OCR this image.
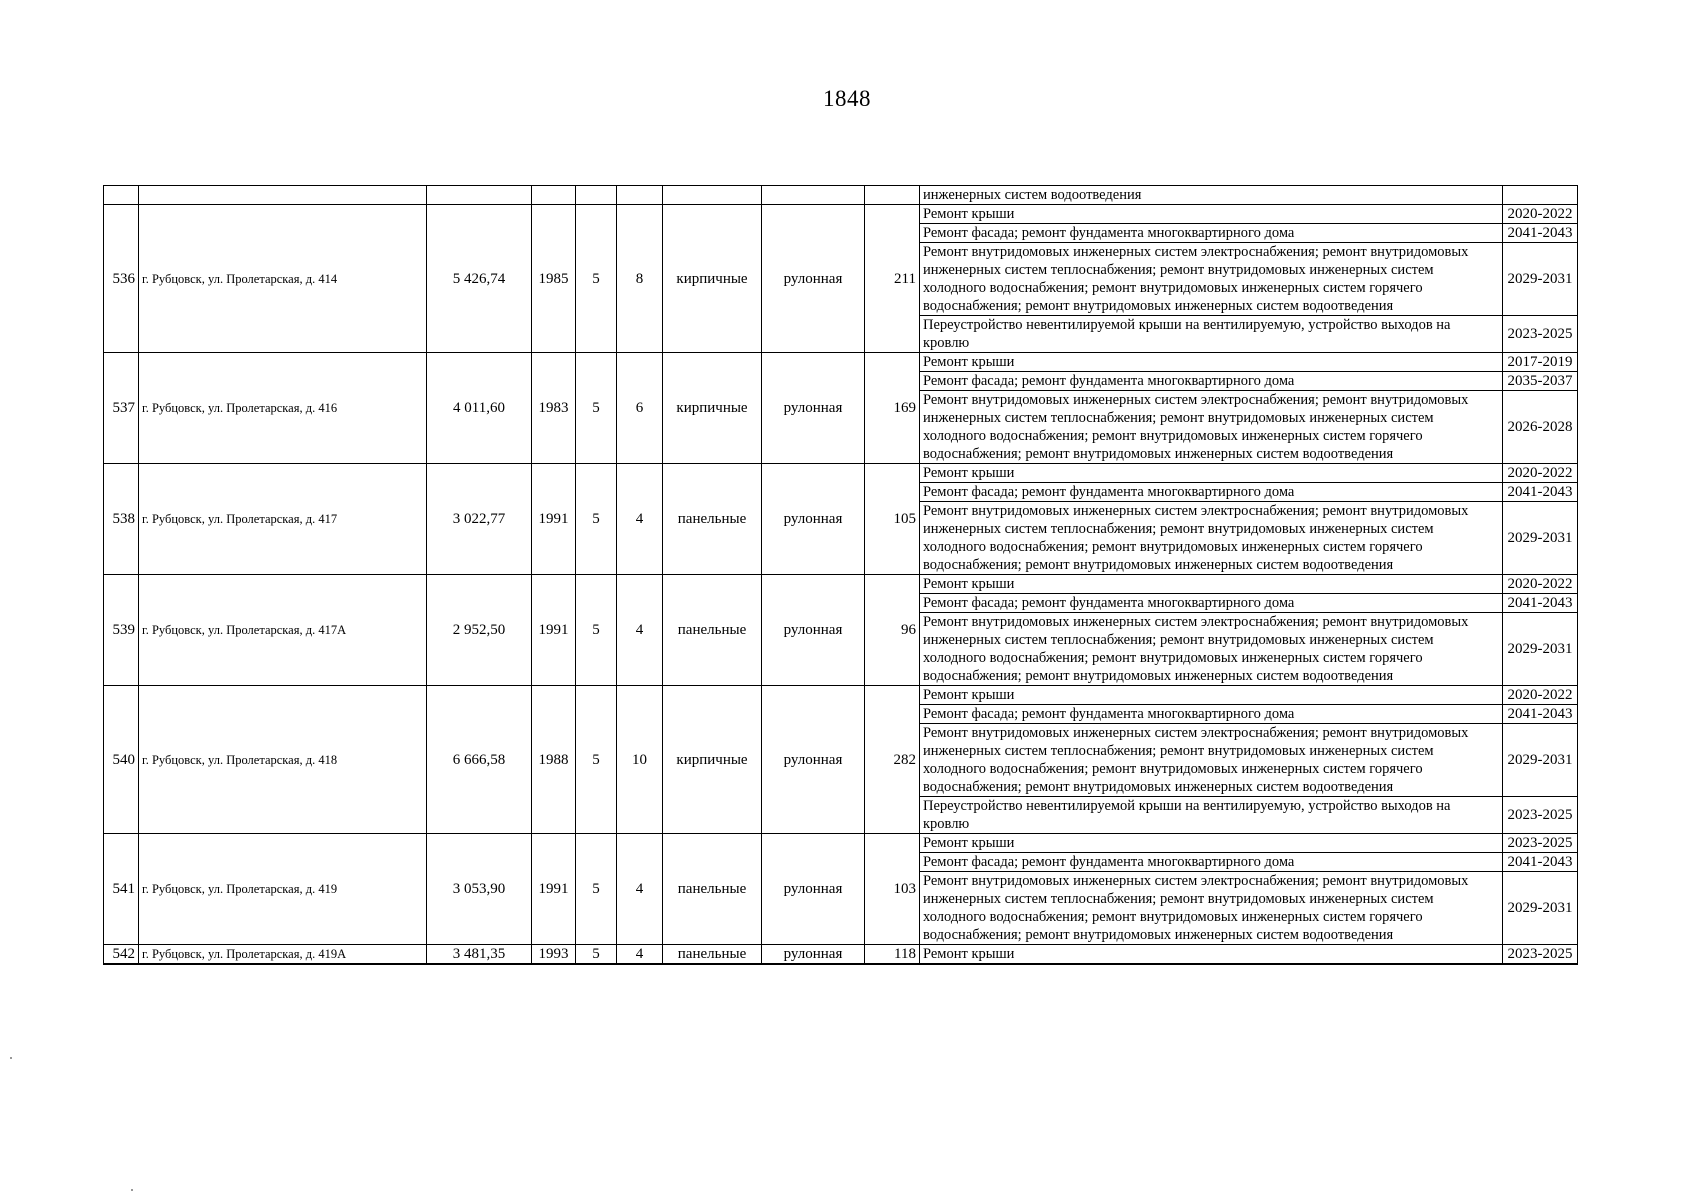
1848
									инженерных систем водоотведения	
536	г. Рубцовск, ул. Пролетарская, д. 414	5 426,74	1985	5	8	кирпичные	рулонная	211	Ремонт крыши	2020-2022
									Ремонт фасада; ремонт фундамента многоквартирного дома	2041-2043
									Ремонт внутридомовых инженерных систем электроснабжения; ремонт внутридомовых инженерных систем теплоснабжения; ремонт внутридомовых инженерных систем холодного водоснабжения; ремонт внутридомовых инженерных систем горячего водоснабжения; ремонт внутридомовых инженерных систем водоотведения	2029-2031
									Переустройство невентилируемой крыши на вентилируемую, устройство выходов на кровлю	2023-2025
537	г. Рубцовск, ул. Пролетарская, д. 416	4 011,60	1983	5	6	кирпичные	рулонная	169	Ремонт крыши	2017-2019
									Ремонт фасада; ремонт фундамента многоквартирного дома	2035-2037
									Ремонт внутридомовых инженерных систем электроснабжения; ремонт внутридомовых инженерных систем теплоснабжения; ремонт внутридомовых инженерных систем холодного водоснабжения; ремонт внутридомовых инженерных систем горячего водоснабжения; ремонт внутридомовых инженерных систем водоотведения	2026-2028
538	г. Рубцовск, ул. Пролетарская, д. 417	3 022,77	1991	5	4	панельные	рулонная	105	Ремонт крыши	2020-2022
									Ремонт фасада; ремонт фундамента многоквартирного дома	2041-2043
									Ремонт внутридомовых инженерных систем электроснабжения; ремонт внутридомовых инженерных систем теплоснабжения; ремонт внутридомовых инженерных систем холодного водоснабжения; ремонт внутридомовых инженерных систем горячего водоснабжения; ремонт внутридомовых инженерных систем водоотведения	2029-2031
539	г. Рубцовск, ул. Пролетарская, д. 417А	2 952,50	1991	5	4	панельные	рулонная	96	Ремонт крыши	2020-2022
									Ремонт фасада; ремонт фундамента многоквартирного дома	2041-2043
									Ремонт внутридомовых инженерных систем электроснабжения; ремонт внутридомовых инженерных систем теплоснабжения; ремонт внутридомовых инженерных систем холодного водоснабжения; ремонт внутридомовых инженерных систем горячего водоснабжения; ремонт внутридомовых инженерных систем водоотведения	2029-2031
540	г. Рубцовск, ул. Пролетарская, д. 418	6 666,58	1988	5	10	кирпичные	рулонная	282	Ремонт крыши	2020-2022
									Ремонт фасада; ремонт фундамента многоквартирного дома	2041-2043
									Ремонт внутридомовых инженерных систем электроснабжения; ремонт внутридомовых инженерных систем теплоснабжения; ремонт внутридомовых инженерных систем холодного водоснабжения; ремонт внутридомовых инженерных систем горячего водоснабжения; ремонт внутридомовых инженерных систем водоотведения	2029-2031
									Переустройство невентилируемой крыши на вентилируемую, устройство выходов на кровлю	2023-2025
541	г. Рубцовск, ул. Пролетарская, д. 419	3 053,90	1991	5	4	панельные	рулонная	103	Ремонт крыши	2023-2025
									Ремонт фасада; ремонт фундамента многоквартирного дома	2041-2043
									Ремонт внутридомовых инженерных систем электроснабжения; ремонт внутридомовых инженерных систем теплоснабжения; ремонт внутридомовых инженерных систем холодного водоснабжения; ремонт внутридомовых инженерных систем горячего водоснабжения; ремонт внутридомовых инженерных систем водоотведения	2029-2031
542	г. Рубцовск, ул. Пролетарская, д. 419А	3 481,35	1993	5	4	панельные	рулонная	118	Ремонт крыши	2023-2025
